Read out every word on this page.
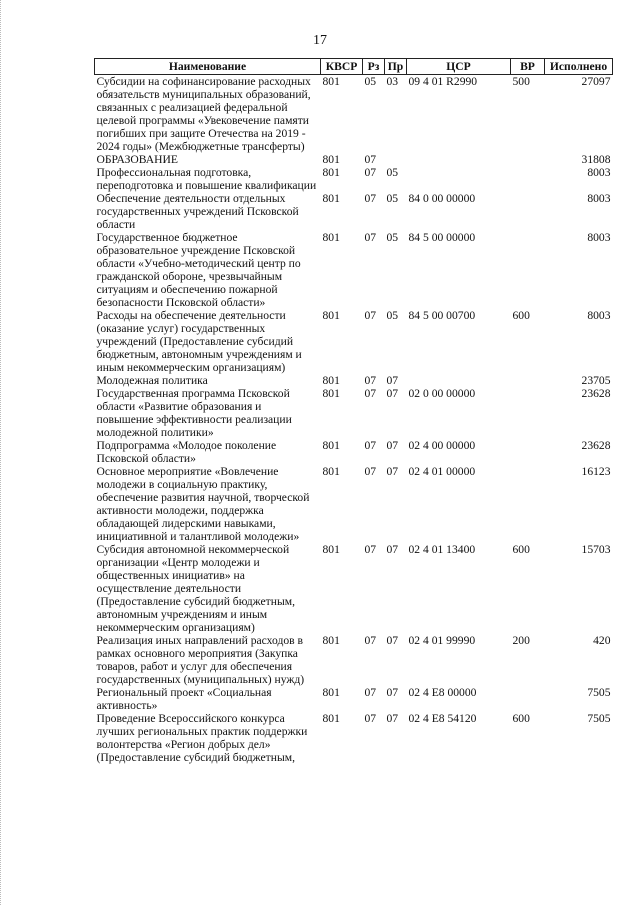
17
Наименование	КВСР	Рз	Пр	ЦСР	ВР	Исполнено
Субсидии на софинансирование расходных обязательств муниципальных образований, связанных с реализацией федеральной целевой программы «Увековечение памяти погибших при защите Отечества на 2019 - 2024 годы» (Межбюджетные трансферты)	801	05	03	09 4 01 R2990	500	27097
ОБРАЗОВАНИЕ	801	07				31808
Профессиональная подготовка, переподготовка и повышение квалификации	801	07	05			8003
Обеспечение деятельности отдельных государственных учреждений Псковской области	801	07	05	84 0 00 00000		8003
Государственное бюджетное образовательное учреждение Псковской области «Учебно-методический центр по гражданской обороне, чрезвычайным ситуациям и обеспечению пожарной безопасности Псковской области»	801	07	05	84 5 00 00000		8003
Расходы на обеспечение деятельности (оказание услуг) государственных учреждений (Предоставление субсидий бюджетным, автономным учреждениям и иным некоммерческим организациям)	801	07	05	84 5 00 00700	600	8003
Молодежная политика	801	07	07			23705
Государственная программа Псковской области «Развитие образования и повышение эффективности реализации молодежной политики»	801	07	07	02 0 00 00000		23628
Подпрограмма «Молодое поколение Псковской области»	801	07	07	02 4 00 00000		23628
Основное мероприятие «Вовлечение молодежи в социальную практику, обеспечение развития научной, творческой активности молодежи, поддержка обладающей лидерскими навыками, инициативной и талантливой молодежи»	801	07	07	02 4 01 00000		16123
Субсидия автономной некоммерческой организации «Центр молодежи и общественных инициатив» на осуществление деятельности (Предоставление субсидий бюджетным, автономным учреждениям и иным некоммерческим организациям)	801	07	07	02 4 01 13400	600	15703
Реализация иных направлений расходов в рамках основного мероприятия (Закупка товаров, работ и услуг для обеспечения государственных (муниципальных) нужд)	801	07	07	02 4 01 99990	200	420
Региональный проект «Социальная активность»	801	07	07	02 4 E8 00000		7505
Проведение Всероссийского конкурса лучших региональных практик поддержки волонтерства «Регион добрых дел» (Предоставление субсидий бюджетным,	801	07	07	02 4 E8 54120	600	7505
